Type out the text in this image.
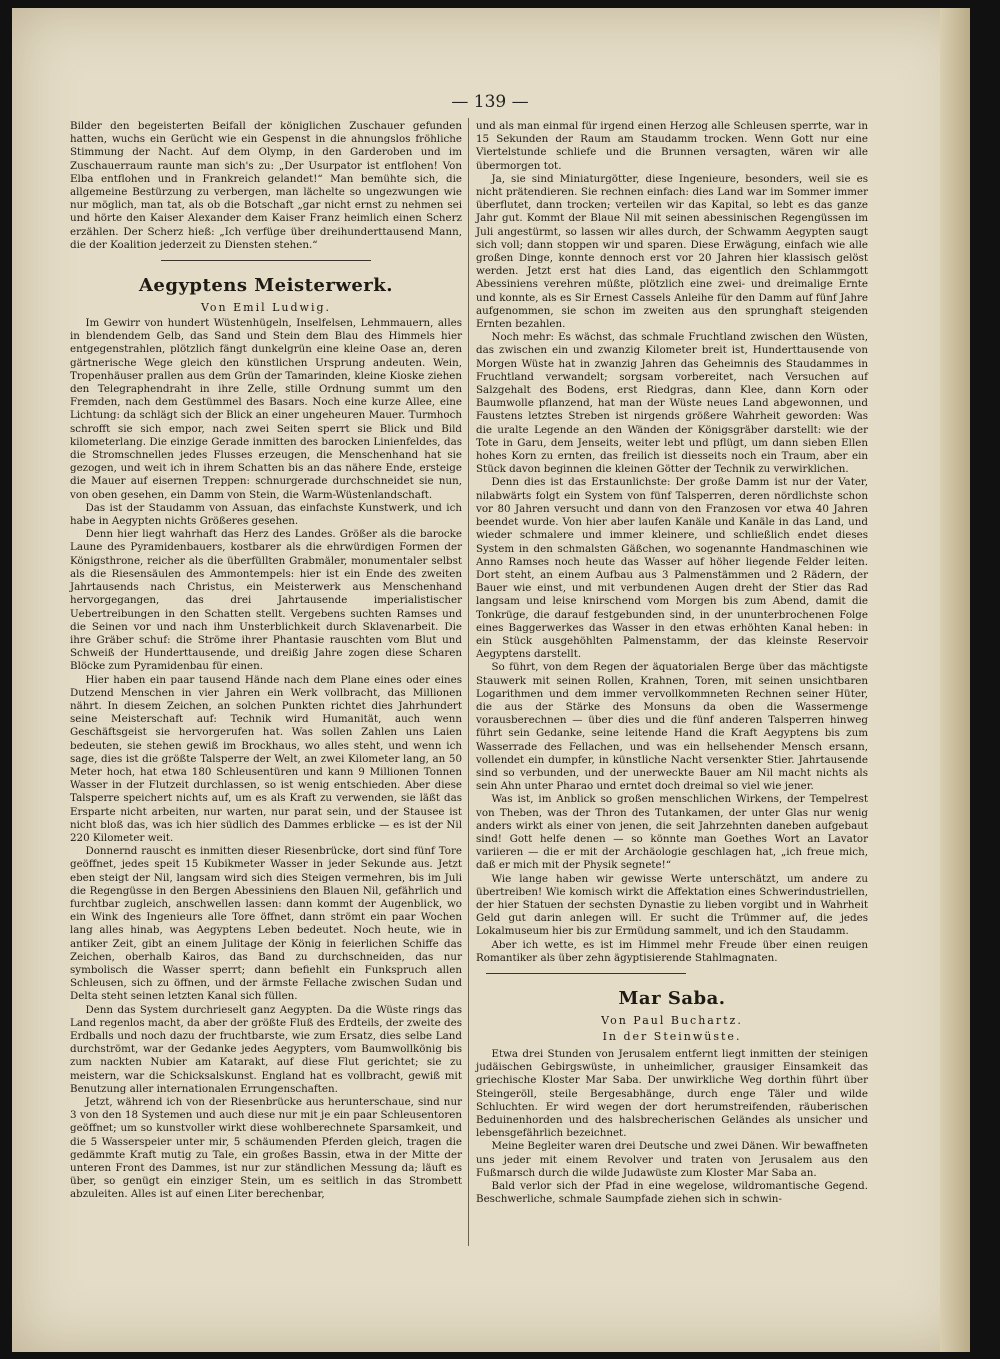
— 139 —

Bilder den begeisterten Beifall der königlichen Zuschauer gefunden hatten, wuchs ein Gerücht wie ein Gespenst in die ahnungslos fröhliche Stimmung der Nacht. Auf dem Olymp, in den Garderoben und im Zuschauerraum raunte man sich's zu: „Der Usurpator ist entflohen! Von Elba entflohen und in Frankreich gelandet!“ Man bemühte sich, die allgemeine Bestürzung zu verbergen, man lächelte so ungezwungen wie nur möglich, man tat, als ob die Botschaft „gar nicht ernst zu nehmen sei und hörte den Kaiser Alexander dem Kaiser Franz heimlich einen Scherz erzählen. Der Scherz hieß: „Ich verfüge über dreihunderttausend Mann, die der Koalition jederzeit zu Diensten stehen.“

Aegyptens Meisterwerk.
Von Emil Ludwig.

Im Gewirr von hundert Wüstenhügeln, Inselfelsen, Lehmmauern, alles in blendendem Gelb, das Sand und Stein dem Blau des Himmels hier entgegenstrahlen, plötzlich fängt dunkelgrün eine kleine Oase an, deren gärtnerische Wege gleich den künstlichen Ursprung andeuten. Wein, Tropenhäuser prallen aus dem Grün der Tamarinden, kleine Kioske ziehen den Telegraphendraht in ihre Zelle, stille Ordnung summt um den Fremden, nach dem Gestümmel des Basars. Noch eine kurze Allee, eine Lichtung: da schlägt sich der Blick an einer ungeheuren Mauer. Turmhoch schrofft sie sich empor, nach zwei Seiten sperrt sie Blick und Bild kilometerlang. Die einzige Gerade inmitten des barocken Linienfeldes, das die Stromschnellen jedes Flusses erzeugen, die Menschenhand hat sie gezogen, und weit ich in ihrem Schatten bis an das nähere Ende, ersteige die Mauer auf eisernen Treppen: schnurgerade durchschneidet sie nun, von oben gesehen, ein Damm von Stein, die Warm-Wüstenlandschaft.

Das ist der Staudamm von Assuan, das einfachste Kunstwerk, und ich habe in Aegypten nichts Größeres gesehen.

Denn hier liegt wahrhaft das Herz des Landes. Größer als die barocke Laune des Pyramidenbauers, kostbarer als die ehrwürdigen Formen der Königsthrone, reicher als die überfüllten Grabmäler, monumentaler selbst als die Riesensäulen des Ammontempels: hier ist ein Ende des zweiten Jahrtausends nach Christus, ein Meisterwerk aus Menschenhand hervorgegangen, das drei Jahrtausende imperialistischer Uebertreibungen in den Schatten stellt. Vergebens suchten Ramses und die Seinen vor und nach ihm Unsterblichkeit durch Sklavenarbeit. Die ihre Gräber schuf: die Ströme ihrer Phantasie rauschten vom Blut und Schweiß der Hunderttausende, und dreißig Jahre zogen diese Scharen Blöcke zum Pyramidenbau für einen.

Hier haben ein paar tausend Hände nach dem Plane eines oder eines Dutzend Menschen in vier Jahren ein Werk vollbracht, das Millionen nährt. In diesem Zeichen, an solchen Punkten richtet dies Jahrhundert seine Meisterschaft auf: Technik wird Humanität, auch wenn Geschäftsgeist sie hervorgerufen hat. Was sollen Zahlen uns Laien bedeuten, sie stehen gewiß im Brockhaus, wo alles steht, und wenn ich sage, dies ist die größte Talsperre der Welt, an zwei Kilometer lang, an 50 Meter hoch, hat etwa 180 Schleusentüren und kann 9 Millionen Tonnen Wasser in der Flutzeit durchlassen, so ist wenig entschieden. Aber diese Talsperre speichert nichts auf, um es als Kraft zu verwenden, sie läßt das Ersparte nicht arbeiten, nur warten, nur parat sein, und der Stausee ist nicht bloß das, was ich hier südlich des Dammes erblicke — es ist der Nil 220 Kilometer weit.

Donnernd rauscht es inmitten dieser Riesenbrücke, dort sind fünf Tore geöffnet, jedes speit 15 Kubikmeter Wasser in jeder Sekunde aus. Jetzt eben steigt der Nil, langsam wird sich dies Steigen vermehren, bis im Juli die Regengüsse in den Bergen Abessiniens den Blauen Nil, gefährlich und furchtbar zugleich, anschwellen lassen: dann kommt der Augenblick, wo ein Wink des Ingenieurs alle Tore öffnet, dann strömt ein paar Wochen lang alles hinab, was Aegyptens Leben bedeutet. Noch heute, wie in antiker Zeit, gibt an einem Julitage der König in feierlichen Schiffe das Zeichen, oberhalb Kairos, das Band zu durchschneiden, das nur symbolisch die Wasser sperrt; dann befiehlt ein Funkspruch allen Schleusen, sich zu öffnen, und der ärmste Fellache zwischen Sudan und Delta steht seinen letzten Kanal sich füllen.

Denn das System durchrieselt ganz Aegypten. Da die Wüste rings das Land regenlos macht, da aber der größte Fluß des Erdteils, der zweite des Erdballs und noch dazu der fruchtbarste, wie zum Ersatz, dies selbe Land durchströmt, war der Gedanke jedes Aegypters, vom Baumwollkönig bis zum nackten Nubier am Katarakt, auf diese Flut gerichtet; sie zu meistern, war die Schicksalskunst. England hat es vollbracht, gewiß mit Benutzung aller internationalen Errungenschaften.

Jetzt, während ich von der Riesenbrücke aus herunterschaue, sind nur 3 von den 18 Systemen und auch diese nur mit je ein paar Schleusentoren geöffnet; um so kunstvoller wirkt diese wohlberechnete Sparsamkeit, und die 5 Wasserspeier unter mir, 5 schäumenden Pferden gleich, tragen die gedämmte Kraft mutig zu Tale, ein großes Bassin, etwa in der Mitte der unteren Front des Dammes, ist nur zur ständlichen Messung da; läuft es über, so genügt ein einziger Stein, um es seitlich in das Strombett abzuleiten. Alles ist auf einen Liter berechenbar,

und als man einmal für irgend einen Herzog alle Schleusen sperrte, war in 15 Sekunden der Raum am Staudamm trocken. Wenn Gott nur eine Viertelstunde schliefe und die Brunnen versagten, wären wir alle übermorgen tot.

Ja, sie sind Miniaturgötter, diese Ingenieure, besonders, weil sie es nicht prätendieren. Sie rechnen einfach: dies Land war im Sommer immer überflutet, dann trocken; verteilen wir das Kapital, so lebt es das ganze Jahr gut. Kommt der Blaue Nil mit seinen abessinischen Regengüssen im Juli angestürmt, so lassen wir alles durch, der Schwamm Aegypten saugt sich voll; dann stoppen wir und sparen. Diese Erwägung, einfach wie alle großen Dinge, konnte dennoch erst vor 20 Jahren hier klassisch gelöst werden. Jetzt erst hat dies Land, das eigentlich den Schlammgott Abessiniens verehren müßte, plötzlich eine zwei- und dreimalige Ernte und konnte, als es Sir Ernest Cassels Anleihe für den Damm auf fünf Jahre aufgenommen, sie schon im zweiten aus den sprunghaft steigenden Ernten bezahlen.

Noch mehr: Es wächst, das schmale Fruchtland zwischen den Wüsten, das zwischen ein und zwanzig Kilometer breit ist, Hunderttausende von Morgen Wüste hat in zwanzig Jahren das Geheimnis des Staudammes in Fruchtland verwandelt; sorgsam vorbereitet, nach Versuchen auf Salzgehalt des Bodens, erst Riedgras, dann Klee, dann Korn oder Baumwolle pflanzend, hat man der Wüste neues Land abgewonnen, und Faustens letztes Streben ist nirgends größere Wahrheit geworden: Was die uralte Legende an den Wänden der Königsgräber darstellt: wie der Tote in Garu, dem Jenseits, weiter lebt und pflügt, um dann sieben Ellen hohes Korn zu ernten, das freilich ist diesseits noch ein Traum, aber ein Stück davon beginnen die kleinen Götter der Technik zu verwirklichen.

Denn dies ist das Erstaunlichste: Der große Damm ist nur der Vater, nilabwärts folgt ein System von fünf Talsperren, deren nördlichste schon vor 80 Jahren versucht und dann von den Franzosen vor etwa 40 Jahren beendet wurde. Von hier aber laufen Kanäle und Kanäle in das Land, und wieder schmalere und immer kleinere, und schließlich endet dieses System in den schmalsten Gäßchen, wo sogenannte Handmaschinen wie Anno Ramses noch heute das Wasser auf höher liegende Felder leiten. Dort steht, an einem Aufbau aus 3 Palmenstämmen und 2 Rädern, der Bauer wie einst, und mit verbundenen Augen dreht der Stier das Rad langsam und leise knirschend vom Morgen bis zum Abend, damit die Tonkrüge, die darauf festgebunden sind, in der ununterbrochenen Folge eines Baggerwerkes das Wasser in den etwas erhöhten Kanal heben: in ein Stück ausgehöhlten Palmenstamm, der das kleinste Reservoir Aegyptens darstellt.

So führt, von dem Regen der äquatorialen Berge über das mächtigste Stauwerk mit seinen Rollen, Krahnen, Toren, mit seinen unsichtbaren Logarithmen und dem immer vervollkommneten Rechnen seiner Hüter, die aus der Stärke des Monsuns da oben die Wassermenge vorausberechnen — über dies und die fünf anderen Talsperren hinweg führt sein Gedanke, seine leitende Hand die Kraft Aegyptens bis zum Wasserrade des Fellachen, und was ein hellsehender Mensch ersann, vollendet ein dumpfer, in künstliche Nacht versenkter Stier. Jahrtausende sind so verbunden, und der unerweckte Bauer am Nil macht nichts als sein Ahn unter Pharao und erntet doch dreimal so viel wie jener.

Was ist, im Anblick so großen menschlichen Wirkens, der Tempelrest von Theben, was der Thron des Tutankamen, der unter Glas nur wenig anders wirkt als einer von jenen, die seit Jahrzehnten daneben aufgebaut sind! Gott helfe denen — so könnte man Goethes Wort an Lavator variieren — die er mit der Archäologie geschlagen hat, „ich freue mich, daß er mich mit der Physik segnete!“

Wie lange haben wir gewisse Werte unterschätzt, um andere zu übertreiben! Wie komisch wirkt die Affektation eines Schwerindustriellen, der hier Statuen der sechsten Dynastie zu lieben vorgibt und in Wahrheit Geld gut darin anlegen will. Er sucht die Trümmer auf, die jedes Lokalmuseum hier bis zur Ermüdung sammelt, und ich den Staudamm.

Aber ich wette, es ist im Himmel mehr Freude über einen reuigen Romantiker als über zehn ägyptisierende Stahlmagnaten.

Mar Saba.
Von Paul Buchartz.
In der Steinwüste.

Etwa drei Stunden von Jerusalem entfernt liegt inmitten der steinigen judäischen Gebirgswüste, in unheimlicher, grausiger Einsamkeit das griechische Kloster Mar Saba. Der unwirkliche Weg dorthin führt über Steingeröll, steile Bergesabhänge, durch enge Täler und wilde Schluchten. Er wird wegen der dort herumstreifenden, räuberischen Beduinenhorden und des halsbrecherischen Geländes als unsicher und lebensgefährlich bezeichnet.

Meine Begleiter waren drei Deutsche und zwei Dänen. Wir bewaffneten uns jeder mit einem Revolver und traten von Jerusalem aus den Fußmarsch durch die wilde Judawüste zum Kloster Mar Saba an.

Bald verlor sich der Pfad in eine wegelose, wildromantische Gegend. Beschwerliche, schmale Saumpfade ziehen sich in schwin-
